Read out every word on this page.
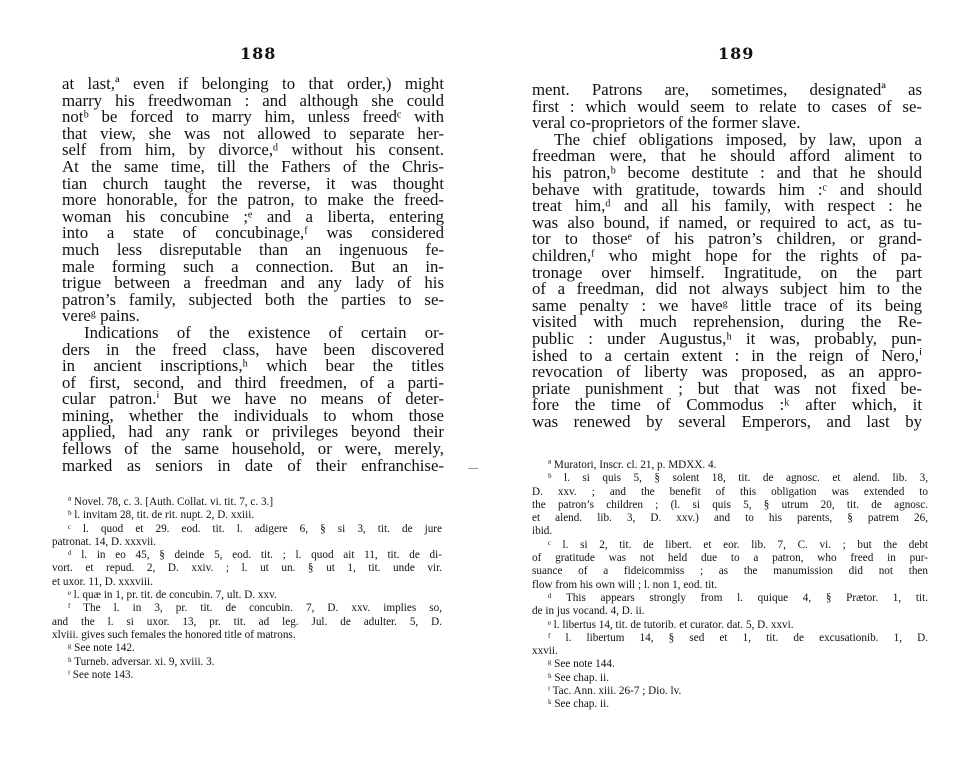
188
at last,ª even if belonging to that order,) might
marry his freedwoman : and although she could
notᵇ be forced to marry him, unless freedᶜ with
that view, she was not allowed to separate her-
self from him, by divorce,ᵈ without his consent.
At the same time, till the Fathers of the Chris-
tian church taught the reverse, it was thought
more honorable, for the patron, to make the freed-
woman his concubine ;ᵉ and a liberta, entering
into a state of concubinage,ᶠ was considered
much less disreputable than an ingenuous fe-
male forming such a connection. But an in-
trigue between a freedman and any lady of his
patron’s family, subjected both the parties to se-
vereᵍ pains.
Indications of the existence of certain or-
ders in the freed class, have been discovered
in ancient inscriptions,ʰ which bear the titles
of first, second, and third freedmen, of a parti-
cular patron.ⁱ But we have no means of deter-
mining, whether the individuals to whom those
applied, had any rank or privileges beyond their
fellows of the same household, or were, merely,
marked as seniors in date of their enfranchise-
ª Novel. 78, c. 3. [Auth. Collat. vi. tit. 7, c. 3.]
ᵇ l. invitam 28, tit. de rit. nupt. 2, D. xxiii.
ᶜ l. quod et 29. eod. tit. l. adigere 6, § si 3, tit. de jure
patronat. 14, D. xxxvii.
ᵈ l. in eo 45, § deinde 5, eod. tit. ; l. quod ait 11, tit. de di-
vort. et repud. 2, D. xxiv. ; l. ut un. § ut 1, tit. unde vir.
et uxor. 11, D. xxxviii.
ᵉ l. quæ in 1, pr. tit. de concubin. 7, ult. D. xxv.
ᶠ The l. in 3, pr. tit. de concubin. 7, D. xxv. implies so,
and the l. si uxor. 13, pr. tit. ad leg. Jul. de adulter. 5, D.
xlviii. gives such females the honored title of matrons.
ᵍ See note 142.
ʰ Turneb. adversar. xi. 9, xviii. 3.
ⁱ See note 143.
189
ment. Patrons are, sometimes, designatedª as
first : which would seem to relate to cases of se-
veral co-proprietors of the former slave.
The chief obligations imposed, by law, upon a
freedman were, that he should afford aliment to
his patron,ᵇ become destitute : and that he should
behave with gratitude, towards him :ᶜ and should
treat him,ᵈ and all his family, with respect : he
was also bound, if named, or required to act, as tu-
tor to thoseᵉ of his patron’s children, or grand-
children,ᶠ who might hope for the rights of pa-
tronage over himself. Ingratitude, on the part
of a freedman, did not always subject him to the
same penalty : we haveᵍ little trace of its being
visited with much reprehension, during the Re-
public : under Augustus,ʰ it was, probably, pun-
ished to a certain extent : in the reign of Nero,ⁱ
revocation of liberty was proposed, as an appro-
priate punishment ; but that was not fixed be-
fore the time of Commodus :ᵏ after which, it
was renewed by several Emperors, and last by
ª Muratori, Inscr. cl. 21, p. MDXX. 4.
ᵇ l. si quis 5, § solent 18, tit. de agnosc. et alend. lib. 3,
D. xxv. ; and the benefit of this obligation was extended to
the patron’s children ; (l. si quis 5, § utrum 20, tit. de agnosc.
et alend. lib. 3, D. xxv.) and to his parents, § patrem 26,
ibid.
ᶜ l. si 2, tit. de libert. et eor. lib. 7, C. vi. ; but the debt
of gratitude was not held due to a patron, who freed in pur-
suance of a fideicommiss ; as the manumission did not then
flow from his own will ; l. non 1, eod. tit.
ᵈ This appears strongly from l. quique 4, § Prætor. 1, tit.
de in jus vocand. 4, D. ii.
ᵉ l. libertus 14, tit. de tutorib. et curator. dat. 5, D. xxvi.
ᶠ l. libertum 14, § sed et 1, tit. de excusationib. 1, D.
xxvii.
ᵍ See note 144.
ʰ See chap. ii.
ⁱ Tac. Ann. xiii. 26-7 ; Dio. lv.
ᵏ See chap. ii.
